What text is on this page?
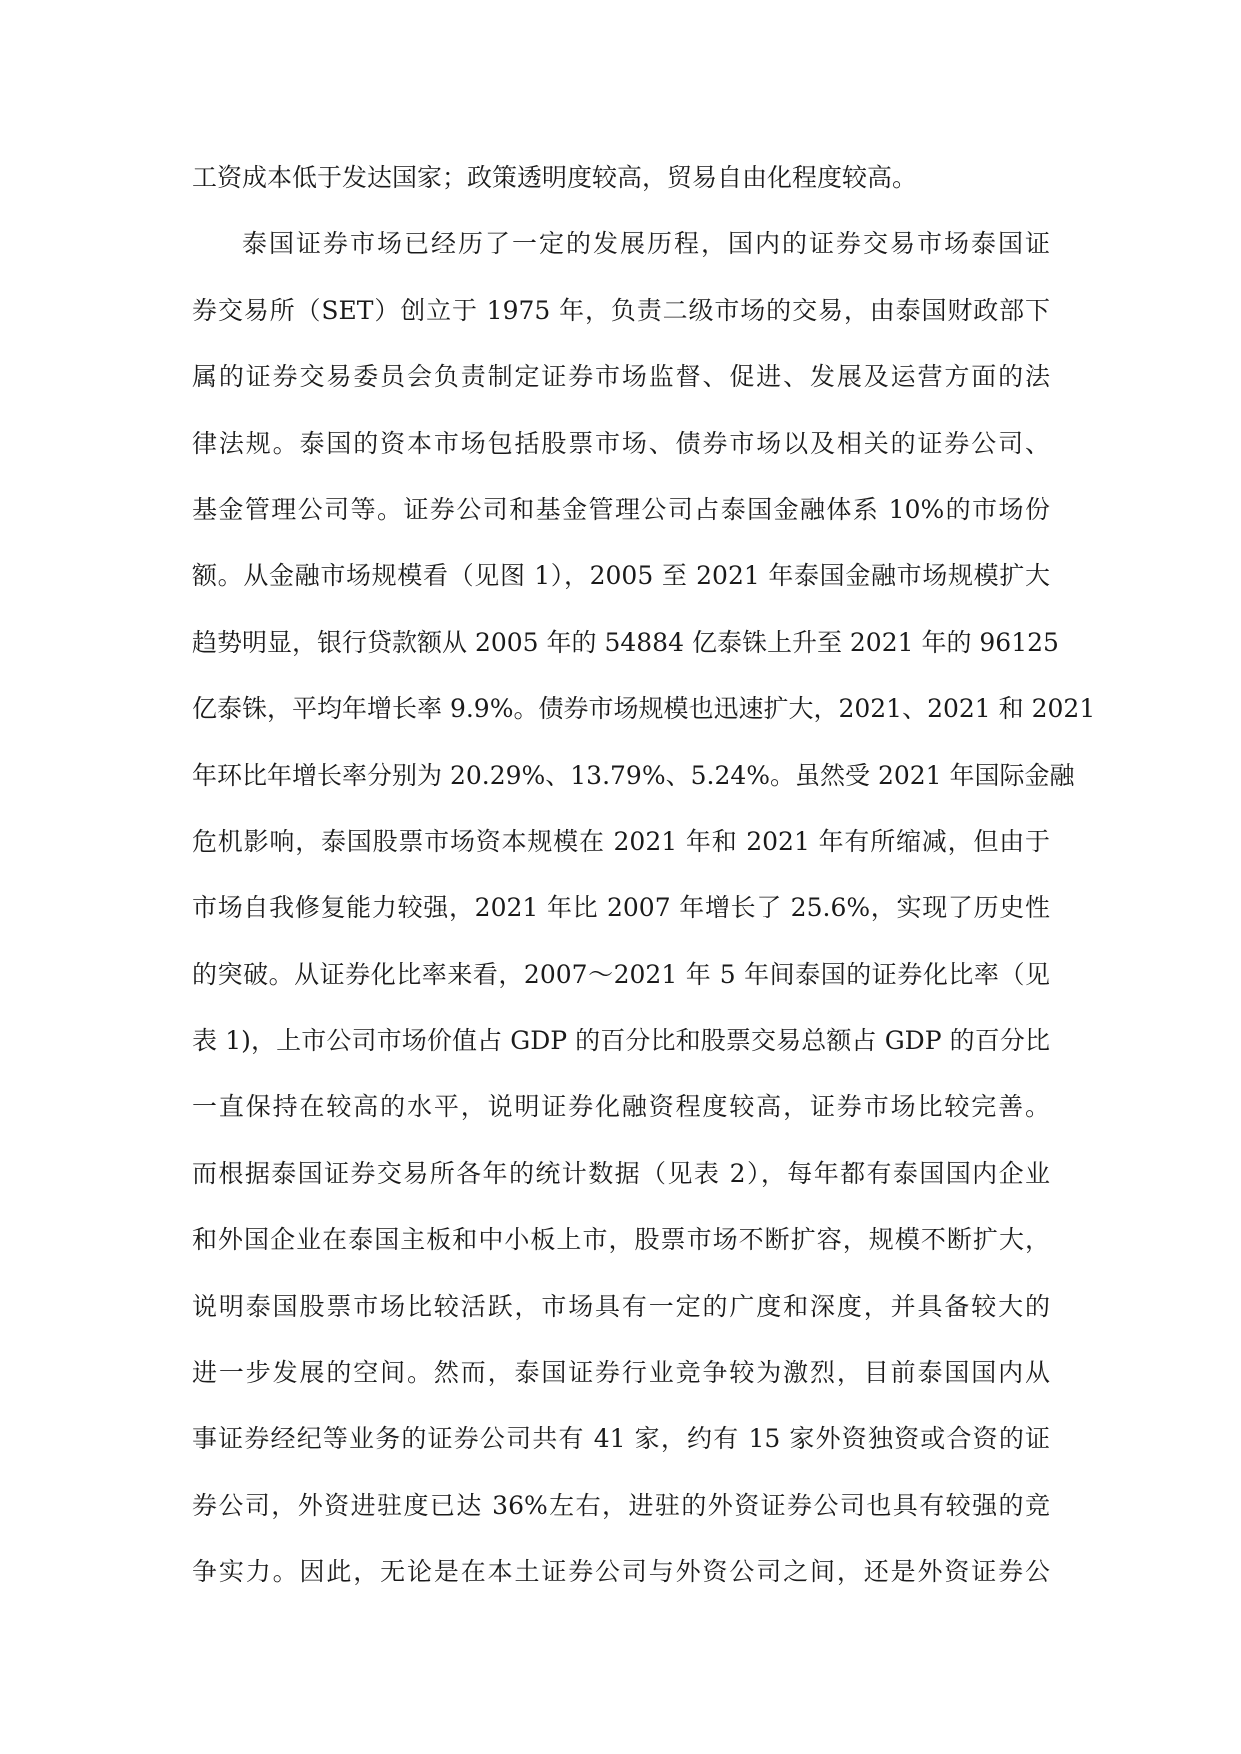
工资成本低于发达国家；政策透明度较高，贸易自由化程度较高。
泰国证券市场已经历了一定的发展历程，国内的证券交易市场泰国证
券交易所（SET）创立于 1975 年，负责二级市场的交易，由泰国财政部下
属的证券交易委员会负责制定证券市场监督、促进、发展及运营方面的法
律法规。泰国的资本市场包括股票市场、债券市场以及相关的证券公司、
基金管理公司等。证券公司和基金管理公司占泰国金融体系 10%的市场份
额。从金融市场规模看（见图 1），2005 至 2021 年泰国金融市场规模扩大
趋势明显，银行贷款额从 2005 年的 54884 亿泰铢上升至 2021 年的 96125
亿泰铢，平均年增长率 9.9%。债券市场规模也迅速扩大，2021、2021 和 2021
年环比年增长率分别为 20.29%、13.79%、5.24%。虽然受 2021 年国际金融
危机影响，泰国股票市场资本规模在 2021 年和 2021 年有所缩减，但由于
市场自我修复能力较强，2021 年比 2007 年增长了 25.6%，实现了历史性
的突破。从证券化比率来看，2007～2021 年 5 年间泰国的证券化比率（见
表 1)，上市公司市场价值占 GDP 的百分比和股票交易总额占 GDP 的百分比
一直保持在较高的水平，说明证券化融资程度较高，证券市场比较完善。
而根据泰国证券交易所各年的统计数据（见表 2），每年都有泰国国内企业
和外国企业在泰国主板和中小板上市，股票市场不断扩容，规模不断扩大，
说明泰国股票市场比较活跃，市场具有一定的广度和深度，并具备较大的
进一步发展的空间。然而，泰国证券行业竞争较为激烈，目前泰国国内从
事证券经纪等业务的证券公司共有 41 家，约有 15 家外资独资或合资的证
券公司，外资进驻度已达 36%左右，进驻的外资证券公司也具有较强的竞
争实力。因此，无论是在本土证券公司与外资公司之间，还是外资证券公
